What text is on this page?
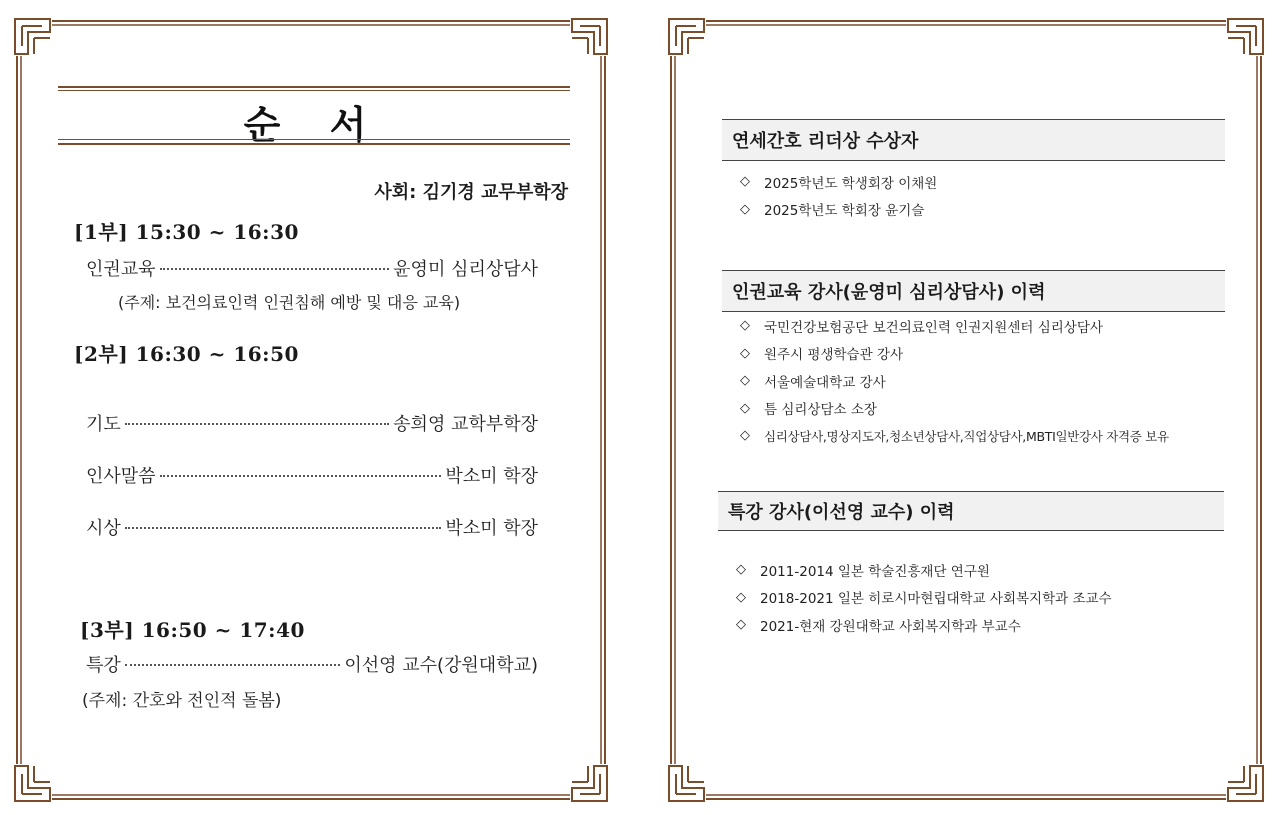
순 서
사회: 김기경 교무부학장
[1부] 15:30 ~ 16:30
인권교육	윤영미 심리상담사
(주제: 보건의료인력 인권침해 예방 및 대응 교육)
[2부] 16:30 ~ 16:50
기도	송희영 교학부학장
인사말씀	박소미 학장
시상	박소미 학장
[3부] 16:50 ~ 17:40
특강	이선영 교수(강원대학교)
(주제: 간호와 전인적 돌봄)
연세간호 리더상 수상자
◇	2025학년도 학생회장 이채원
◇	2025학년도 학회장 윤기슬
인권교육 강사(윤영미 심리상담사) 이력
◇	국민건강보험공단 보건의료인력 인권지원센터 심리상담사
◇	원주시 평생학습관 강사
◇	서울예술대학교 강사
◇	틈 심리상담소 소장
◇	심리상담사,명상지도자,청소년상담사,직업상담사,MBTI일반강사 자격증 보유
특강 강사(이선영 교수) 이력
◇	2011-2014 일본 학술진흥재단 연구원
◇	2018-2021 일본 히로시마현립대학교 사회복지학과 조교수
◇	2021-현재 강원대학교 사회복지학과 부교수
